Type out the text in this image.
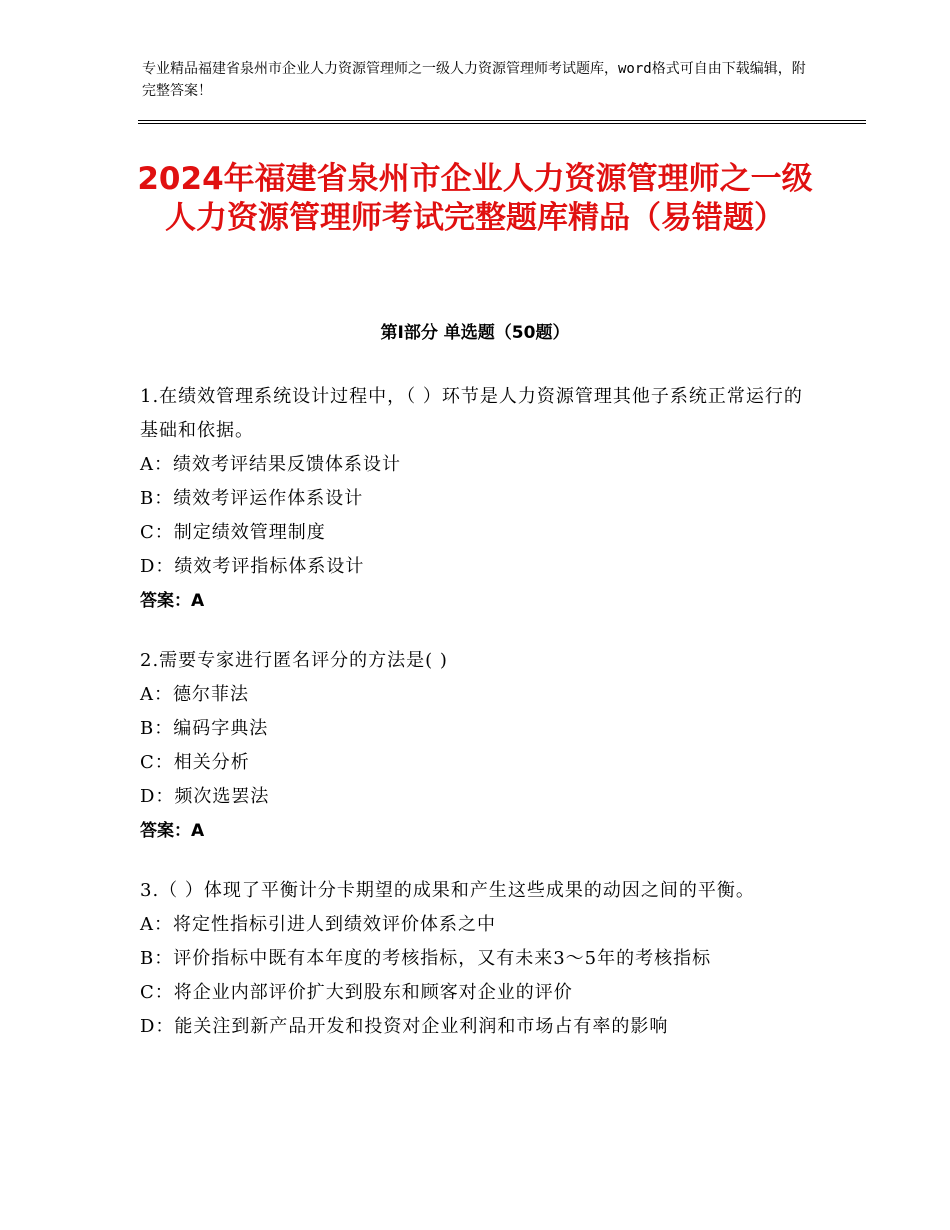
专业精品福建省泉州市企业人力资源管理师之一级人力资源管理师考试题库，word格式可自由下载编辑，附完整答案！
2024年福建省泉州市企业人力资源管理师之一级人力资源管理师考试完整题库精品（易错题）
第Ⅰ部分 单选题（50题）
1.在绩效管理系统设计过程中，（ ）环节是人力资源管理其他子系统正常运行的基础和依据。
A：绩效考评结果反馈体系设计
B：绩效考评运作体系设计
C：制定绩效管理制度
D：绩效考评指标体系设计
答案：A
2.需要专家进行匿名评分的方法是( )
A：德尔菲法
B：编码字典法
C：相关分析
D：频次选罢法
答案：A
3.（ ）体现了平衡计分卡期望的成果和产生这些成果的动因之间的平衡。
A：将定性指标引进人到绩效评价体系之中
B：评价指标中既有本年度的考核指标，又有未来3～5年的考核指标
C：将企业内部评价扩大到股东和顾客对企业的评价
D：能关注到新产品开发和投资对企业利润和市场占有率的影响
